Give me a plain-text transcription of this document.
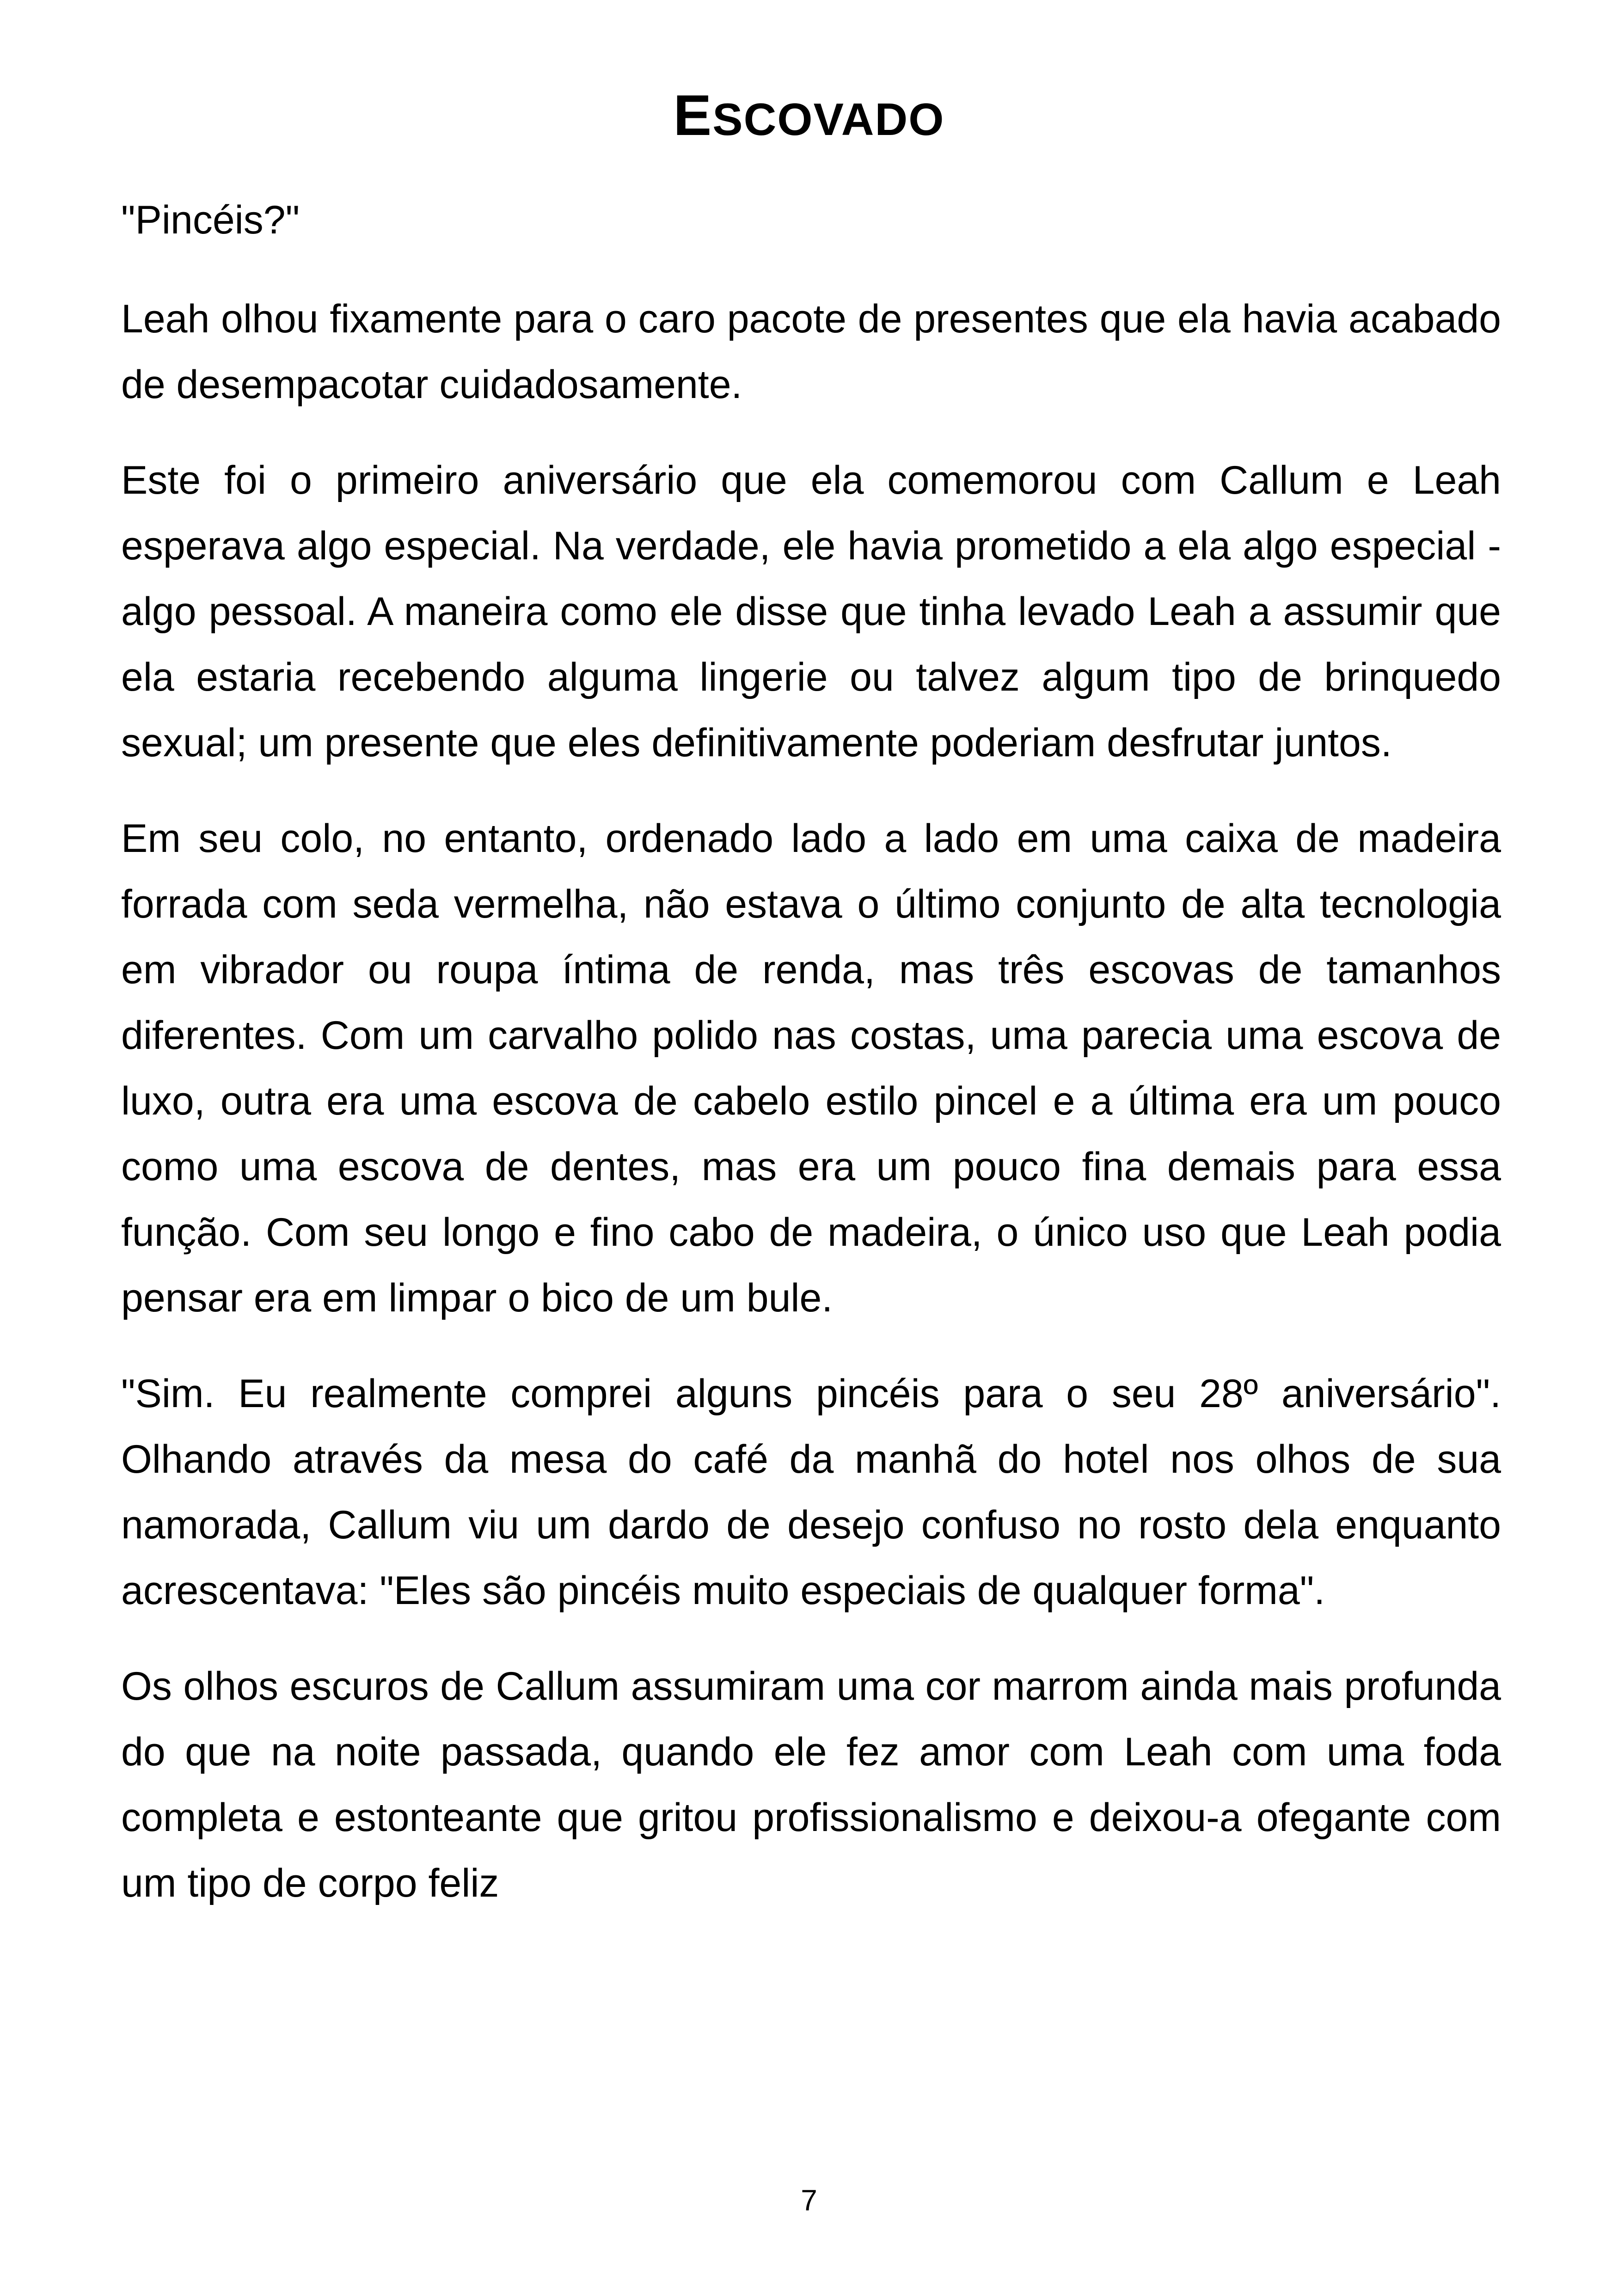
ESCOVADO

"Pincéis?"

Leah olhou fixamente para o caro pacote de presentes que ela havia acabado de desempacotar cuidadosamente.

Este foi o primeiro aniversário que ela comemorou com Callum e Leah esperava algo especial. Na verdade, ele havia prometido a ela algo especial - algo pessoal. A maneira como ele disse que tinha levado Leah a assumir que ela estaria recebendo alguma lingerie ou talvez algum tipo de brinquedo sexual; um presente que eles definitivamente poderiam desfrutar juntos.

Em seu colo, no entanto, ordenado lado a lado em uma caixa de madeira forrada com seda vermelha, não estava o último conjunto de alta tecnologia em vibrador ou roupa íntima de renda, mas três escovas de tamanhos diferentes. Com um carvalho polido nas costas, uma parecia uma escova de luxo, outra era uma escova de cabelo estilo pincel e a última era um pouco como uma escova de dentes, mas era um pouco fina demais para essa função. Com seu longo e fino cabo de madeira, o único uso que Leah podia pensar era em limpar o bico de um bule.

"Sim. Eu realmente comprei alguns pincéis para o seu 28º aniversário". Olhando através da mesa do café da manhã do hotel nos olhos de sua namorada, Callum viu um dardo de desejo confuso no rosto dela enquanto acrescentava: "Eles são pincéis muito especiais de qualquer forma".

Os olhos escuros de Callum assumiram uma cor marrom ainda mais profunda do que na noite passada, quando ele fez amor com Leah com uma foda completa e estonteante que gritou profissionalismo e deixou-a ofegante com um tipo de corpo feliz

7
